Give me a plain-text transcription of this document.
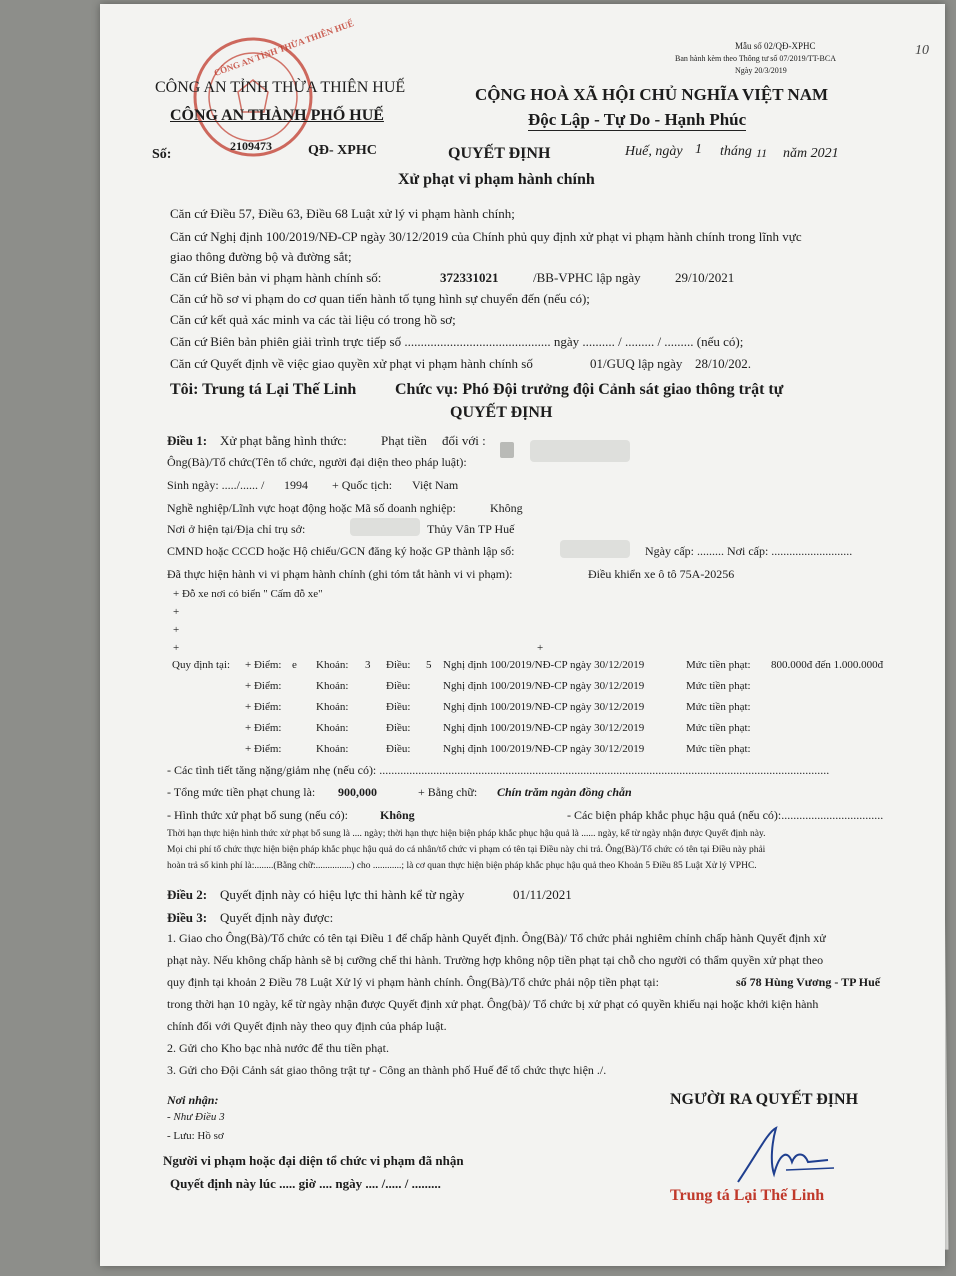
Mẫu số 02/QĐ-XPHC
Ban hành kèm theo Thông tư số 07/2019/TT-BCA
Ngày 20/3/2019
10
CÔNG AN TỈNH THỪA THIÊN HUẾ
CÔNG AN TỈNH THỪA THIÊN HUẾ
CÔNG AN THÀNH PHỐ HUẾ
CỘNG HOÀ XÃ HỘI CHỦ NGHĨA VIỆT NAM
Độc Lập - Tự Do - Hạnh Phúc
Số:
2109473	QĐ- XPHC	QUYẾT ĐỊNH	Huế, ngày 1 tháng 11 năm 2021
Xử phạt vi phạm hành chính
Căn cứ Điều 57, Điều 63, Điều 68 Luật xử lý vi phạm hành chính;
Căn cứ Nghị định 100/2019/NĐ-CP ngày 30/12/2019 của Chính phủ quy định xử phạt vi phạm hành chính trong lĩnh vực
giao thông đường bộ và đường sắt;
Căn cứ Biên bản vi phạm hành chính số:	372331021	/BB-VPHC lập ngày	29/10/2021
Căn cứ hồ sơ vi phạm do cơ quan tiến hành tố tụng hình sự chuyển đến (nếu có);
Căn cứ kết quả xác minh va các tài liệu có trong hồ sơ;
Căn cứ Biên bản phiên giải trình trực tiếp số ............................................. ngày .......... / ......... / ......... (nếu có);
Căn cứ Quyết định về việc giao quyền xử phạt vi phạm hành chính số	01/GUQ lập ngày 28/10/202.
Tôi: Trung tá Lại Thế Linh Chức vụ: Phó Đội trưởng đội Cảnh sát giao thông trật tự
QUYẾT ĐỊNH
Điều 1: Xử phạt bằng hình thức:	Phạt tiền đối với :
Ông(Bà)/Tổ chức(Tên tổ chức, người đại diện theo pháp luật):
Sinh ngày: ...../...... / 1994 + Quốc tịch: Việt Nam
Nghề nghiệp/Lĩnh vực hoạt động hoặc Mã số doanh nghiệp:	Không
Nơi ở hiện tại/Địa chỉ trụ sở:	Thủy Vân TP Huế
CMND hoặc CCCD hoặc Hộ chiếu/GCN đăng ký hoặc GP thành lập số:	Ngày cấp: ......... Nơi cấp: ...........................
Đã thực hiện hành vi vi phạm hành chính (ghi tóm tắt hành vi vi phạm):	Điều khiển xe ô tô 75A-20256
+ Đỗ xe nơi có biển " Cấm đỗ xe"
+
+
+	+
Quy định tại: + Điểm: e Khoản: 3 Điều: 5 Nghị định 100/2019/NĐ-CP ngày 30/12/2019	Mức tiền phạt: 800.000đ đến 1.000.000đ
+ Điểm:	Khoản:	Điều:	Nghị định 100/2019/NĐ-CP ngày 30/12/2019	Mức tiền phạt:
+ Điểm:	Khoản:	Điều:	Nghị định 100/2019/NĐ-CP ngày 30/12/2019	Mức tiền phạt:
+ Điểm:	Khoản:	Điều:	Nghị định 100/2019/NĐ-CP ngày 30/12/2019	Mức tiền phạt:
+ Điểm:	Khoản:	Điều:	Nghị định 100/2019/NĐ-CP ngày 30/12/2019	Mức tiền phạt:
- Các tình tiết tăng nặng/giảm nhẹ (nếu có): ......................................................................................................................................................
- Tổng mức tiền phạt chung là: 900,000	+ Bằng chữ: Chín trăm ngàn đồng chẵn
- Hình thức xử phạt bổ sung (nếu có):	Không	- Các biện pháp khắc phục hậu quả (nếu có):..................................
Thời hạn thực hiện hình thức xử phạt bổ sung là .... ngày; thời hạn thực hiện biện pháp khắc phục hậu quả là ...... ngày, kể từ ngày nhận được Quyết định này.
Mọi chi phí tổ chức thực hiện biện pháp khắc phục hậu quả do cá nhân/tổ chức vi phạm có tên tại Điều này chi trả. Ông(Bà)/Tổ chức có tên tại Điều này phải
hoàn trả số kinh phí là:........(Bằng chữ:...............) cho ............; là cơ quan thực hiện biện pháp khắc phục hậu quả theo Khoản 5 Điều 85 Luật Xử lý VPHC.
Điều 2: Quyết định này có hiệu lực thi hành kể từ ngày	01/11/2021
Điều 3: Quyết định này được:
1. Giao cho Ông(Bà)/Tổ chức có tên tại Điều 1 để chấp hành Quyết định. Ông(Bà)/ Tổ chức phải nghiêm chỉnh chấp hành Quyết định xử
phạt này. Nếu không chấp hành sẽ bị cưỡng chế thi hành. Trường hợp không nộp tiền phạt tại chỗ cho người có thẩm quyền xử phạt theo
quy định tại khoản 2 Điều 78 Luật Xử lý vi phạm hành chính. Ông(Bà)/Tổ chức phải nộp tiền phạt tại:	số 78 Hùng Vương - TP Huế
trong thời hạn 10 ngày, kể từ ngày nhận được Quyết định xử phạt. Ông(bà)/ Tổ chức bị xử phạt có quyền khiếu nại hoặc khởi kiện hành
chính đối với Quyết định này theo quy định của pháp luật.
2. Gửi cho Kho bạc nhà nước để thu tiền phạt.
3. Gửi cho Đội Cảnh sát giao thông trật tự - Công an thành phố Huế để tổ chức thực hiện ./.
Nơi nhận:
- Như Điều 3
- Lưu: Hồ sơ
Người vi phạm hoặc đại diện tổ chức vi phạm đã nhận
Quyết định này lúc ..... giờ .... ngày .... /..... / .........
NGƯỜI RA QUYẾT ĐỊNH
Trung tá Lại Thế Linh
